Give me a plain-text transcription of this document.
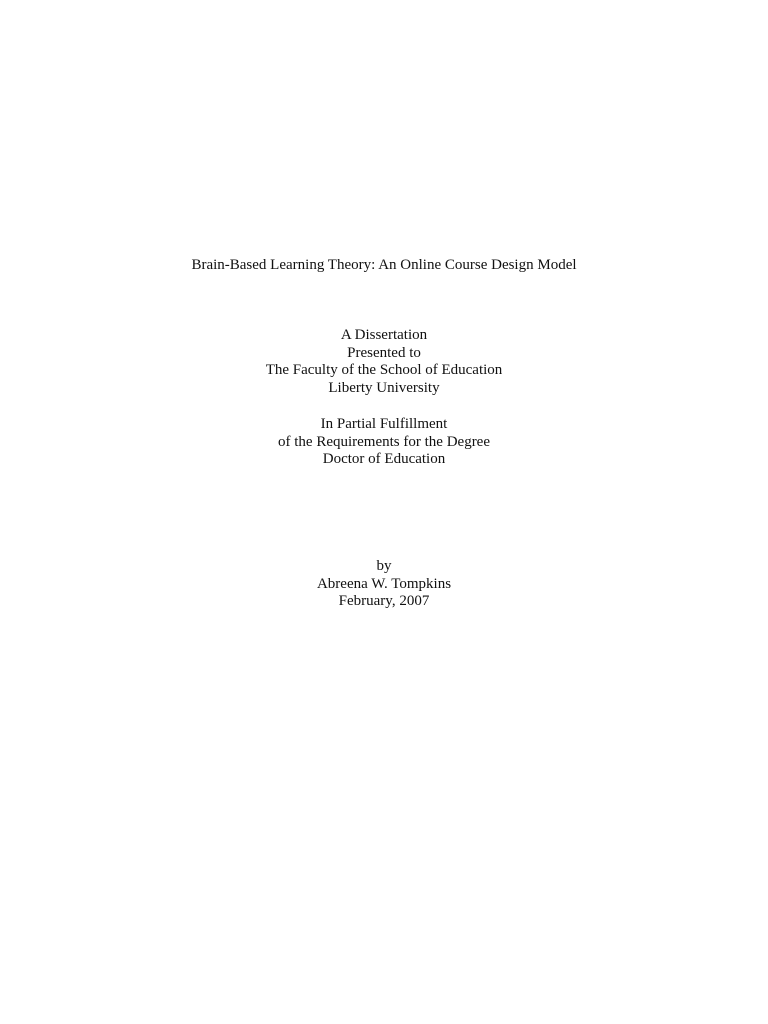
Brain-Based Learning Theory: An Online Course Design Model
A Dissertation
Presented to
The Faculty of the School of Education
Liberty University
In Partial Fulfillment
of the Requirements for the Degree
Doctor of Education
by
Abreena W. Tompkins
February, 2007
